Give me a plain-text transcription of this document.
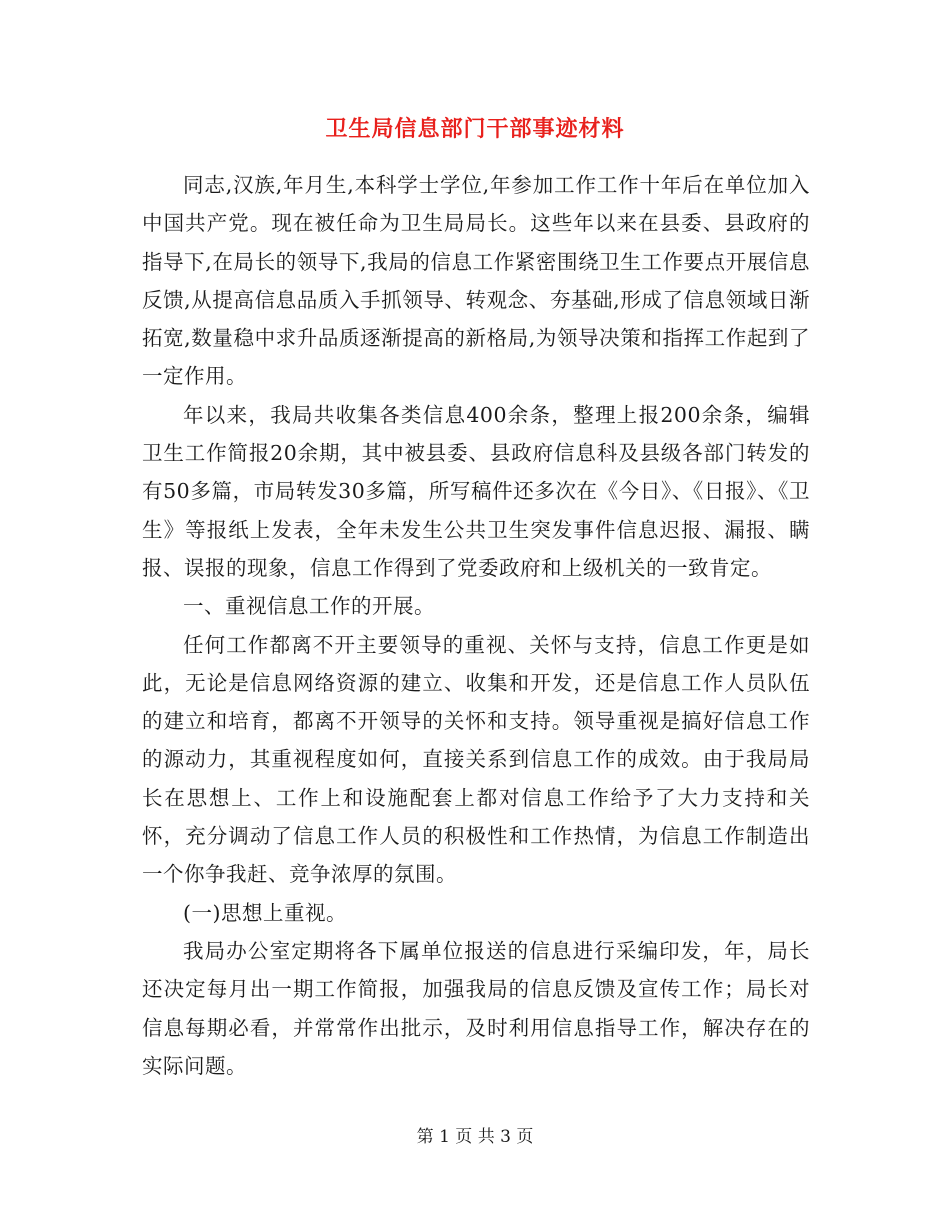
卫生局信息部门干部事迹材料

同志,汉族,年月生,本科学士学位,年参加工作工作十年后在单位加入中国共产党。现在被任命为卫生局局长。这些年以来在县委、县政府的指导下,在局长的领导下,我局的信息工作紧密围绕卫生工作要点开展信息反馈,从提高信息品质入手抓领导、转观念、夯基础,形成了信息领域日渐拓宽,数量稳中求升品质逐渐提高的新格局,为领导决策和指挥工作起到了一定作用。

年以来，我局共收集各类信息400余条，整理上报200余条，编辑卫生工作简报20余期，其中被县委、县政府信息科及县级各部门转发的有50多篇，市局转发30多篇，所写稿件还多次在《今日》、《日报》、《卫生》等报纸上发表，全年未发生公共卫生突发事件信息迟报、漏报、瞒报、误报的现象，信息工作得到了党委政府和上级机关的一致肯定。

一、重视信息工作的开展。

任何工作都离不开主要领导的重视、关怀与支持，信息工作更是如此，无论是信息网络资源的建立、收集和开发，还是信息工作人员队伍的建立和培育，都离不开领导的关怀和支持。领导重视是搞好信息工作的源动力，其重视程度如何，直接关系到信息工作的成效。由于我局局长在思想上、工作上和设施配套上都对信息工作给予了大力支持和关怀，充分调动了信息工作人员的积极性和工作热情，为信息工作制造出一个你争我赶、竞争浓厚的氛围。

(一)思想上重视。

我局办公室定期将各下属单位报送的信息进行采编印发，年，局长还决定每月出一期工作简报，加强我局的信息反馈及宣传工作；局长对信息每期必看，并常常作出批示，及时利用信息指导工作，解决存在的实际问题。

第 1 页 共 3 页
